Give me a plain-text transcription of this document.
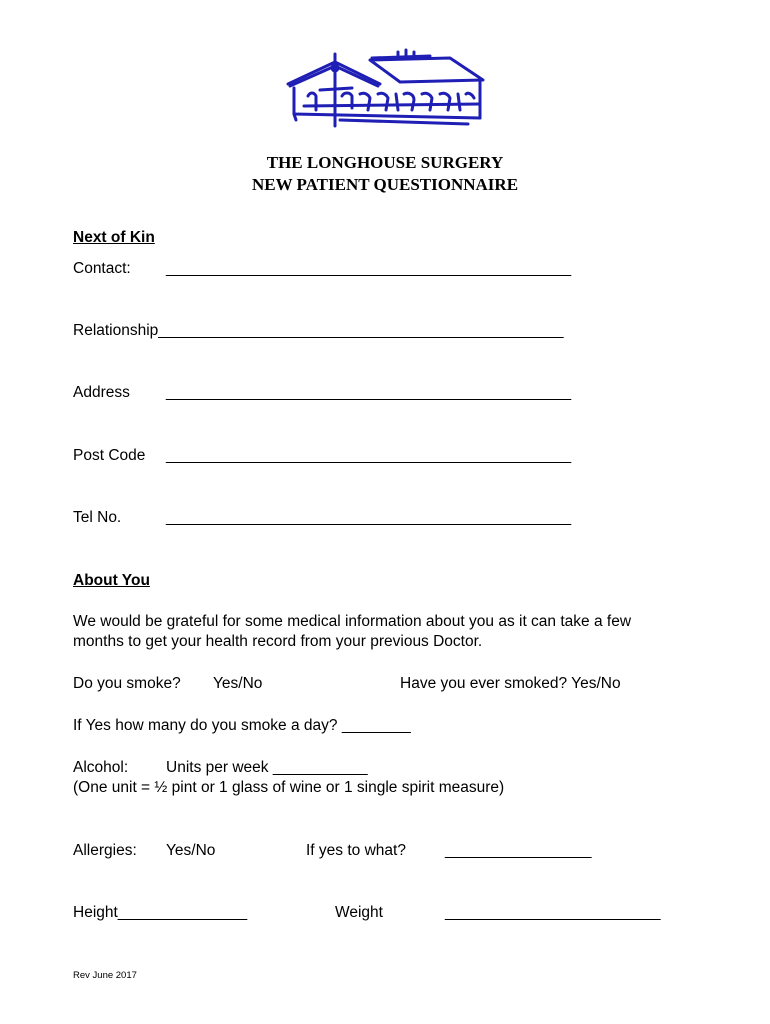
THE LONGHOUSE SURGERY
NEW PATIENT QUESTIONNAIRE
Next of Kin
Contact: _______________________________________________
Relationship_______________________________________________
Address _______________________________________________
Post Code _______________________________________________
Tel No.	_______________________________________________
About You
We would be grateful for some medical information about you as it can take a few
months to get your health record from your previous Doctor.
Do you smoke? Yes/No	Have you ever smoked? Yes/No
If Yes how many do you smoke a day? ________
Alcohol: Units per week ___________
(One unit = ½ pint or 1 glass of wine or 1 single spirit measure)
Allergies: Yes/No	If yes to what?	_________________
Height_______________	Weight	_________________________
Rev June 2017
